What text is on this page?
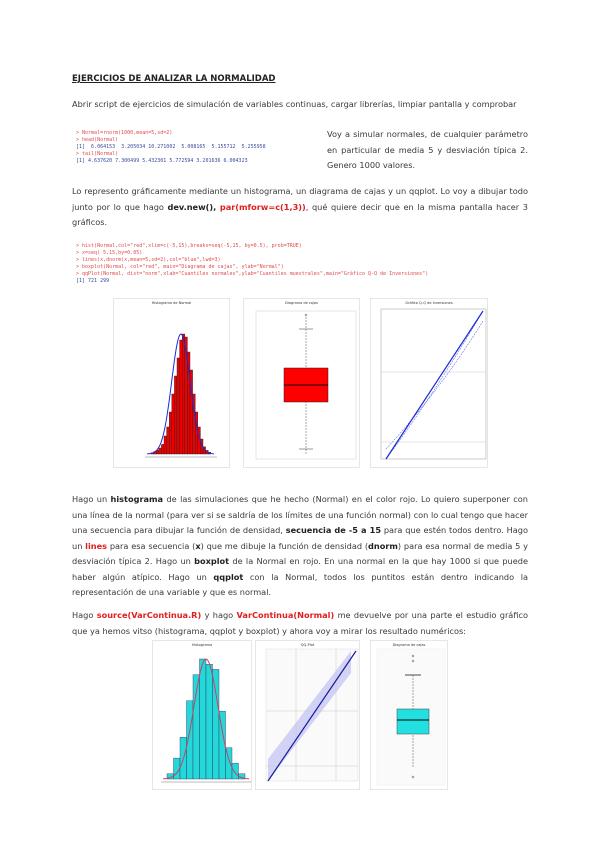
EJERCICIOS DE ANALIZAR LA NORMALIDAD
Abrir script de ejercicios de simulación de variables continuas, cargar librerías, limpiar pantalla y comprobar
> Normal=rnorm(1000,mean=5,sd=2)
> head(Normal)
[1]  6.064153  3.205034 10.271002  5.008165  5.155712  5.255958
> tail(Normal)
[1] 4.637620 7.300499 5.432301 5.772594 3.201636 6.004323
Voy a simular normales, de cualquier parámetro en particular de media 5 y desviación típica 2. Genero 1000 valores.
Lo represento gráficamente mediante un histograma, un diagrama de cajas y un qqplot. Lo voy a dibujar todo junto por lo que hago dev.new(), par(mforw=c(1,3)), qué quiere decir que en la misma pantalla hacer 3 gráficos.
> hist(Normal,col="red",xlim=c(-5,15),breaks=seq(-5,15, by=0.5), prob=TRUE)
> x=seq( 5,15,by=0.05)
> lines(x,dnorm(x,mean=5,sd=2),col="blue",lwd=3)
> boxplot(Normal, col="red", main="Diagrama de cajas", ylab="Normal")
> qqPlot(Normal, dist="norm",xlab="Cuantiles normales",ylab="Cuantiles muestrales",main="Gráfico Q-Q de Inversiones")
[1] 721 299
Histograma de Normal	Diagrama de cajas	Gráfico Q-Q de Inversiones
Hago un histograma de las simulaciones que he hecho (Normal) en el color rojo. Lo quiero superponer con una línea de la normal (para ver si se saldría de los límites de una función normal) con lo cual tengo que hacer una secuencia para dibujar la función de densidad, secuencia de -5 a 15 para que estén todos dentro. Hago un lines para esa secuencia (x) que me dibuje la función de densidad (dnorm) para esa normal de media 5 y desviación típica 2. Hago un boxplot de la Normal en rojo. En una normal en la que hay 1000 si que puede haber algún atípico. Hago un qqplot con la Normal, todos los puntitos están dentro indicando la representación de una variable y que es normal.
Hago source(VarContinua.R) y hago VarContinua(Normal) me devuelve por una parte el estudio gráfico que ya hemos vitso (histograma, qqplot y boxplot) y ahora voy a mirar los resultado numéricos:
Histograma	QQ-Plot	Diagrama de cajas
